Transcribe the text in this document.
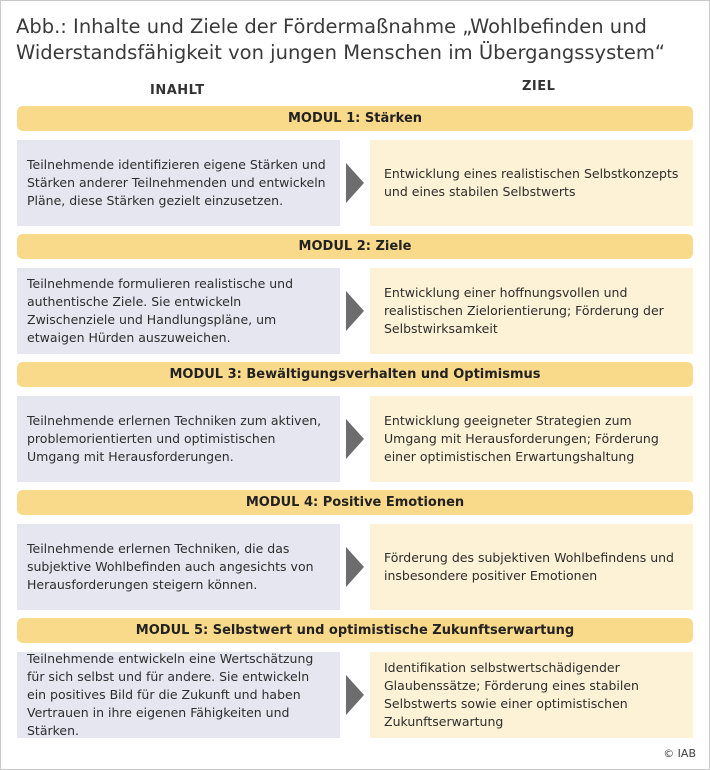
Abb.: Inhalte und Ziele der Fördermaßnahme „Wohlbefinden und Widerstandsfähigkeit von jungen Menschen im Übergangssystem“
INAHLT	ZIEL
MODUL 1: Stärken
Teilnehmende identifizieren eigene Stärken und Stärken anderer Teilnehmenden und entwickeln Pläne, diese Stärken gezielt einzusetzen.
Entwicklung eines realistischen Selbstkonzepts und eines stabilen Selbstwerts
MODUL 2: Ziele
Teilnehmende formulieren realistische und authentische Ziele. Sie entwickeln Zwischenziele und Handlungspläne, um etwaigen Hürden auszuweichen.
Entwicklung einer hoffnungsvollen und realistischen Zielorientierung; Förderung der Selbstwirksamkeit
MODUL 3: Bewältigungsverhalten und Optimismus
Teilnehmende erlernen Techniken zum aktiven, problemorientierten und optimistischen Umgang mit Herausforderungen.
Entwicklung geeigneter Strategien zum Umgang mit Herausforderungen; Förderung einer optimistischen Erwartungshaltung
MODUL 4: Positive Emotionen
Teilnehmende erlernen Techniken, die das subjektive Wohlbefinden auch angesichts von Herausforderungen steigern können.
Förderung des subjektiven Wohlbefindens und insbesondere positiver Emotionen
MODUL 5: Selbstwert und optimistische Zukunftserwartung
Teilnehmende entwickeln eine Wertschätzung für sich selbst und für andere. Sie entwickeln ein positives Bild für die Zukunft und haben Vertrauen in ihre eigenen Fähigkeiten und Stärken.
Identifikation selbstwertschädigender Glaubenssätze; Förderung eines stabilen Selbstwerts sowie einer optimistischen Zukunftserwartung
© IAB
